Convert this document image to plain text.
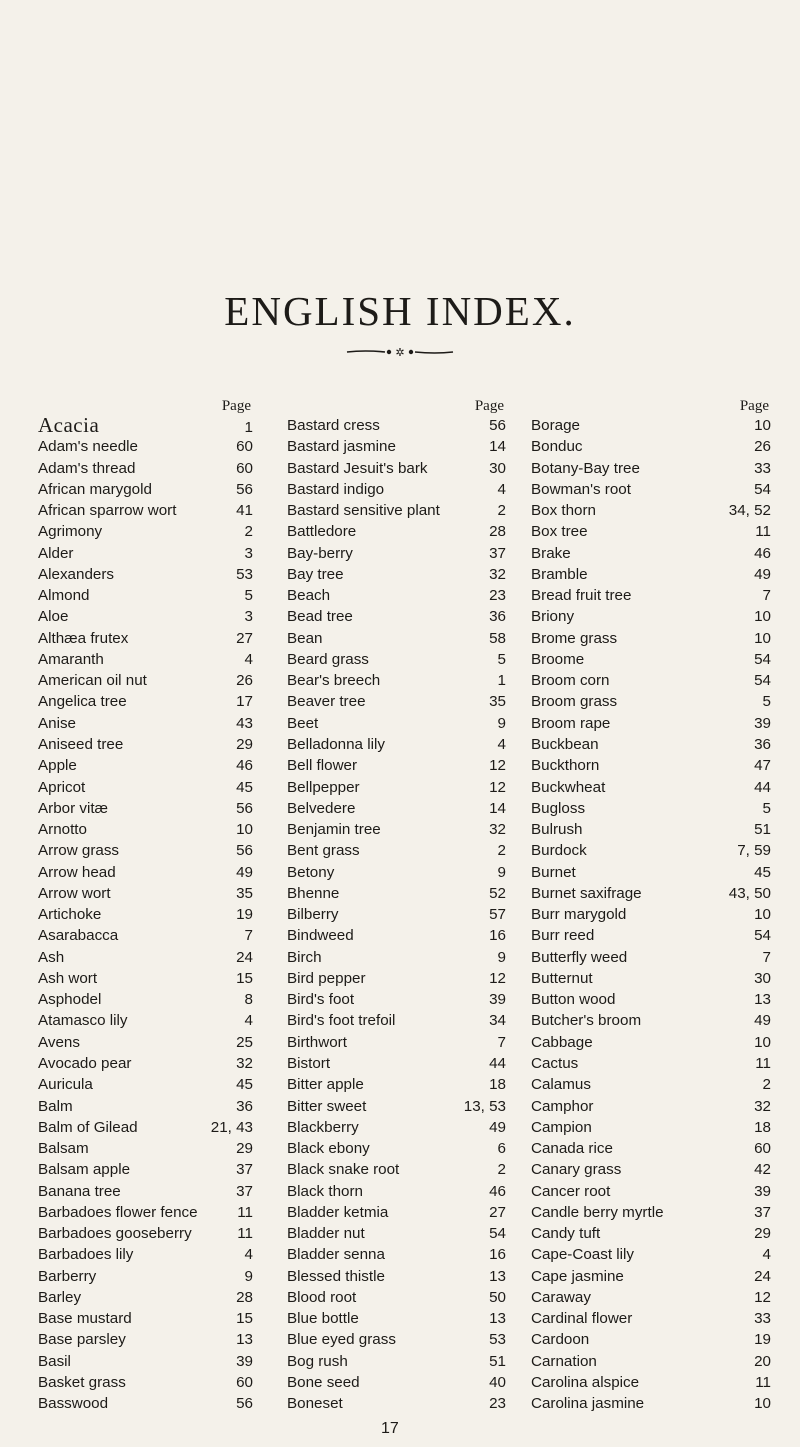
ENGLISH INDEX.
✲
Page
Acacia	1
Adam's needle	60
Adam's thread	60
African marygold	56
African sparrow wort	41
Agrimony	2
Alder	3
Alexanders	53
Almond	5
Aloe	3
Althæa frutex	27
Amaranth	4
American oil nut	26
Angelica tree	17
Anise	43
Aniseed tree	29
Apple	46
Apricot	45
Arbor vitæ	56
Arnotto	10
Arrow grass	56
Arrow head	49
Arrow wort	35
Artichoke	19
Asarabacca	7
Ash	24
Ash wort	15
Asphodel	8
Atamasco lily	4
Avens	25
Avocado pear	32
Auricula	45
Balm	36
Balm of Gilead	21, 43
Balsam	29
Balsam apple	37
Banana tree	37
Barbadoes flower fence	11
Barbadoes gooseberry	11
Barbadoes lily	4
Barberry	9
Barley	28
Base mustard	15
Base parsley	13
Basil	39
Basket grass	60
Basswood	56
Page
Bastard cress	56
Bastard jasmine	14
Bastard Jesuit's bark	30
Bastard indigo	4
Bastard sensitive plant	2
Battledore	28
Bay-berry	37
Bay tree	32
Beach	23
Bead tree	36
Bean	58
Beard grass	5
Bear's breech	1
Beaver tree	35
Beet	9
Belladonna lily	4
Bell flower	12
Bellpepper	12
Belvedere	14
Benjamin tree	32
Bent grass	2
Betony	9
Bhenne	52
Bilberry	57
Bindweed	16
Birch	9
Bird pepper	12
Bird's foot	39
Bird's foot trefoil	34
Birthwort	7
Bistort	44
Bitter apple	18
Bitter sweet	13, 53
Blackberry	49
Black ebony	6
Black snake root	2
Black thorn	46
Bladder ketmia	27
Bladder nut	54
Bladder senna	16
Blessed thistle	13
Blood root	50
Blue bottle	13
Blue eyed grass	53
Bog rush	51
Bone seed	40
Boneset	23
Page
Borage	10
Bonduc	26
Botany-Bay tree	33
Bowman's root	54
Box thorn	34, 52
Box tree	11
Brake	46
Bramble	49
Bread fruit tree	7
Briony	10
Brome grass	10
Broome	54
Broom corn	54
Broom grass	5
Broom rape	39
Buckbean	36
Buckthorn	47
Buckwheat	44
Bugloss	5
Bulrush	51
Burdock	7, 59
Burnet	45
Burnet saxifrage	43, 50
Burr marygold	10
Burr reed	54
Butterfly weed	7
Butternut	30
Button wood	13
Butcher's broom	49
Cabbage	10
Cactus	11
Calamus	2
Camphor	32
Campion	18
Canada rice	60
Canary grass	42
Cancer root	39
Candle berry myrtle	37
Candy tuft	29
Cape-Coast lily	4
Cape jasmine	24
Caraway	12
Cardinal flower	33
Cardoon	19
Carnation	20
Carolina alspice	11
Carolina jasmine	10
17
